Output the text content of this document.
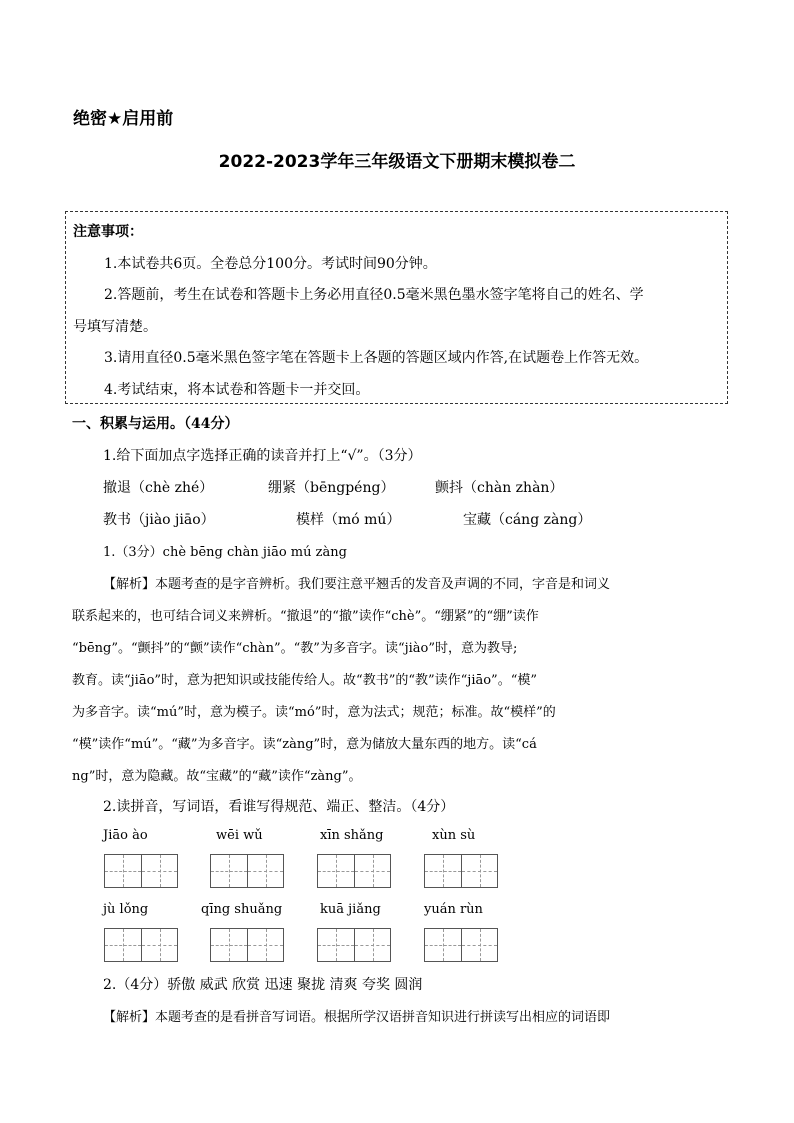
绝密★启用前
2022-2023学年三年级语文下册期末模拟卷二
注意事项：
1.本试卷共6页。全卷总分100分。考试时间90分钟。
2.答题前，考生在试卷和答题卡上务必用直径0.5毫米黑色墨水签字笔将自己的姓名、学
号填写清楚。
3.请用直径0.5毫米黑色签字笔在答题卡上各题的答题区域内作答,在试题卷上作答无效。
4.考试结束，将本试卷和答题卡一并交回。
一、积累与运用。（44分）
1.给下面加点字选择正确的读音并打上“√”。（3分）
撤退（chè zhé）	绷紧（bēngpéng）	颤抖（chàn zhàn）
教书（jiào jiāo）	模样（mó mú）	宝藏（cáng zàng）
1.（3分）chè bēng chàn jiāo mú zàng
【解析】本题考查的是字音辨析。我们要注意平翘舌的发音及声调的不同，字音是和词义
联系起来的，也可结合词义来辨析。“撤退”的“撤”读作“chè”。“绷紧”的“绷”读作
“bēng”。“颤抖”的“颤”读作“chàn”。“教”为多音字。读“jiào”时，意为教导;
教育。读“jiāo”时，意为把知识或技能传给人。故“教书”的“教”读作“jiāo”。“模”
为多音字。读“mú”时，意为模子。读“mó”时，意为法式；规范；标准。故“模样”的
“模”读作“mú”。“藏”为多音字。读“zàng”时，意为储放大量东西的地方。读“cá
ng”时，意为隐藏。故“宝藏”的“藏”读作“zàng”。
2.读拼音，写词语，看谁写得规范、端正、整洁。（4分）
Jiāo ào	wēi wǔ	xīn shǎng	xùn sù
jù lǒng	qīng shuǎng	kuā jiǎng	yuán rùn
2.（4分）骄傲 威武 欣赏 迅速 聚拢 清爽 夸奖 圆润
【解析】本题考查的是看拼音写词语。根据所学汉语拼音知识进行拼读写出相应的词语即
